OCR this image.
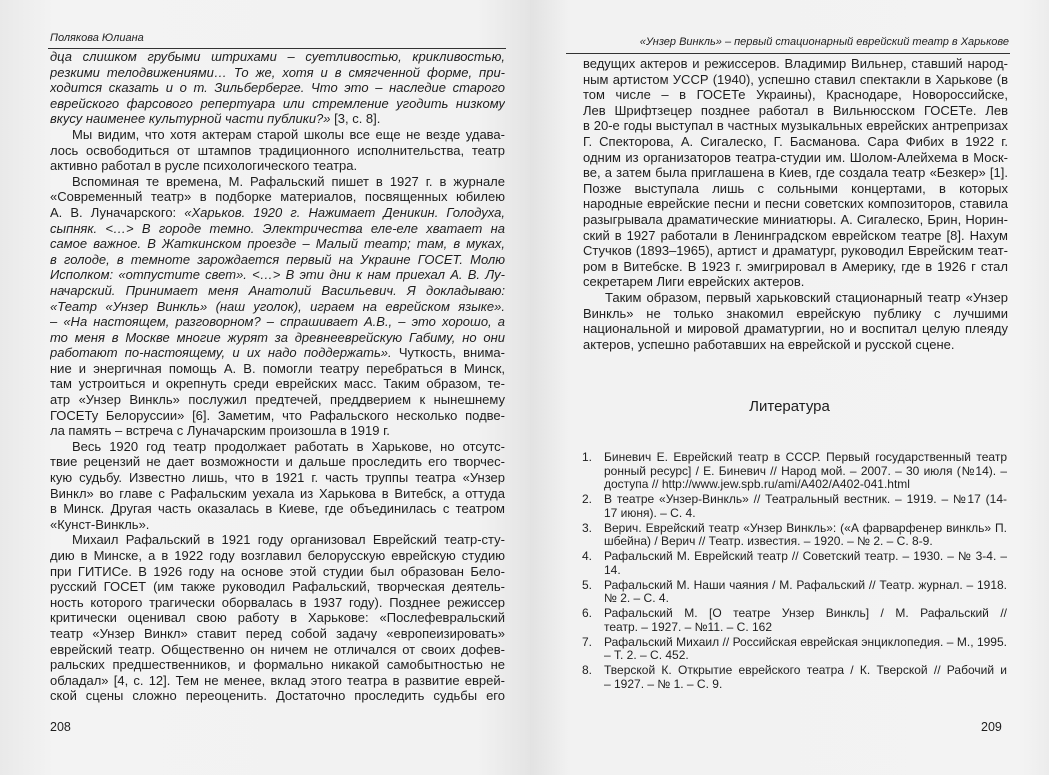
Полякова Юлиана
дца слишком грубыми штрихами – суетливостью, крикливостью,
резкими телодвижениями… То же, хотя и в смягченной форме, при-
ходится сказать и о т. Зильберберге. Что это – наследие старого
еврейского фарсового репертуара или стремление угодить низкому
вкусу наименее культурной части публики?» [3, с. 8].
Мы видим, что хотя актерам старой школы все еще не везде удава-
лось освободиться от штампов традиционного исполнительства, театр
активно работал в русле психологического театра.
Вспоминая те времена, М. Рафальский пишет в 1927 г. в журнале
«Современный театр» в подборке материалов, посвященных юбилею
А. В. Луначарского: «Харьков. 1920 г. Нажимает Деникин. Голодуха,
сыпняк. <…> В городе темно. Электричества еле-еле хватает на
самое важное. В Жаткинском проезде – Малый театр; там, в муках,
в голоде, в темноте зарождается первый на Украине ГОСЕТ. Молю
Исполком: «отпустите свет». <…> В эти дни к нам приехал А. В. Лу-
начарский. Принимает меня Анатолий Васильевич. Я докладываю:
«Театр «Унзер Винкль» (наш уголок), играем на еврейском языке».
– «На настоящем, разговорном? – спрашивает А.В., – это хорошо, а
то меня в Москве многие журят за древнееврейскую Габиму, но они
работают по-настоящему, и их надо поддержать». Чуткость, внима-
ние и энергичная помощь А. В. помогли театру перебраться в Минск,
там устроиться и окрепнуть среди еврейских масс. Таким образом, те-
атр «Унзер Винкль» послужил предтечей, преддверием к нынешнему
ГОСЕТу Белоруссии» [6]. Заметим, что Рафальского несколько подве-
ла память – встреча с Луначарским произошла в 1919 г.
Весь 1920 год театр продолжает работать в Харькове, но отсутс-
твие рецензий не дает возможности и дальше проследить его творчес-
кую судьбу. Известно лишь, что в 1921 г. часть труппы театра «Унзер
Винкл» во главе с Рафальским уехала из Харькова в Витебск, а оттуда
в Минск. Другая часть оказалась в Киеве, где объединилась с театром
«Кунст-Винкль».
Михаил Рафальский в 1921 году организовал Еврейский театр-сту-
дию в Минске, а в 1922 году возглавил белорусскую еврейскую студию
при ГИТИСе. В 1926 году на основе этой студии был образован Бело-
русский ГОСЕТ (им также руководил Рафальский, творческая деятель-
ность которого трагически оборвалась в 1937 году). Позднее режиссер
критически оценивал свою работу в Харькове: «Послефевральский
театр «Унзер Винкл» ставит перед собой задачу «европеизировать»
еврейский театр. Общественно он ничем не отличался от своих дофев-
ральских предшественников, и формально никакой самобытностью не
обладал» [4, с. 12]. Тем не менее, вклад этого театра в развитие еврей-
ской сцены сложно переоценить. Достаточно проследить судьбы его
208
«Унзер Винкль» – первый стационарный еврейский театр в Харькове
ведущих актеров и режиссеров. Владимир Вильнер, ставший народ-
ным артистом УССР (1940), успешно ставил спектакли в Харькове (в
том числе – в ГОСЕТе Украины), Краснодаре, Новороссийске,
Лев Шрифтзецер позднее работал в Вильнюсском ГОСЕТе. Лев
в 20-е годы выступал в частных музыкальных еврейских антрепризах
Г. Спекторова, А. Сигалеско, Г. Басманова. Сара Фибих в 1922 г.
одним из организаторов театра-студии им. Шолом-Алейхема в Моск-
ве, а затем была приглашена в Киев, где создала театр «Безкер» [1].
Позже выступала лишь с сольными концертами, в которых
народные еврейские песни и песни советских композиторов, ставила
разыгрывала драматические миниатюры. А. Сигалеско, Брин, Норин-
ский в 1927 работали в Ленинградском еврейском театре [8]. Нахум
Стучков (1893–1965), артист и драматург, руководил Еврейским теат-
ром в Витебске. В 1923 г. эмигрировал в Америку, где в 1926 г стал
секретарем Лиги еврейских актеров.
Таким образом, первый харьковский стационарный театр «Унзер
Винкль» не только знакомил еврейскую публику с лучшими
национальной и мировой драматургии, но и воспитал целую плеяду
актеров, успешно работавших на еврейской и русской сцене.
Литература
1. Биневич Е. Еврейский театр в СССР. Первый государственный театр
ронный ресурс] / Е. Биневич // Народ мой. – 2007. – 30 июля (№14). –
доступа // http://www.jew.spb.ru/ami/A402/A402-041.html
2. В театре «Унзер-Винкль» // Театральный вестник. – 1919. – №17 (14-
17 июня). – С. 4.
3. Верич. Еврейский театр «Унзер Винкль»: («А фарварфенер винкль» П.
шбейна) / Верич // Театр. известия. – 1920. – № 2. – С. 8-9.
4. Рафальский М. Еврейский театр // Советский театр. – 1930. – № 3-4. –
14.
5. Рафальский М. Наши чаяния / М. Рафальский // Театр. журнал. – 1918.
№ 2. – С. 4.
6. Рафальский М. [О театре Унзер Винкль] / М. Рафальский //
театр. – 1927. – №11. – С. 162
7. Рафальский Михаил // Российская еврейская энциклопедия. – М., 1995.
– Т. 2. – С. 452.
8. Тверской К. Открытие еврейского театра / К. Тверской // Рабочий и
– 1927. – № 1. – С. 9.
209
